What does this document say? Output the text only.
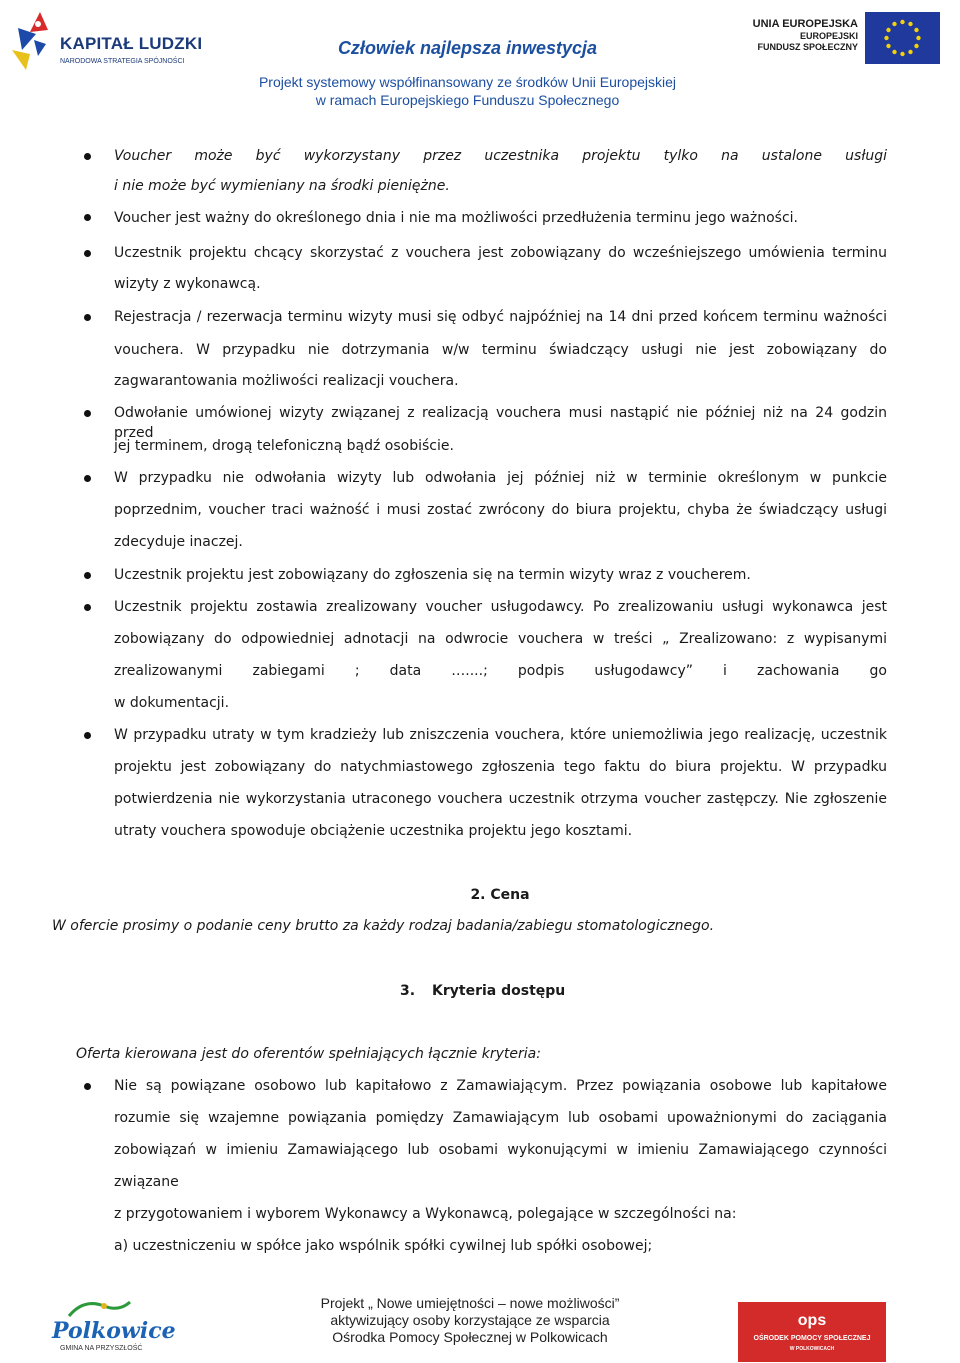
KAPITAŁ LUDZKI
NARODOWA STRATEGIA SPÓJNOŚCI
Człowiek najlepsza inwestycja
Projekt systemowy współfinansowany ze środków Unii Europejskiej
w ramach Europejskiego Funduszu Społecznego
UNIA EUROPEJSKA
EUROPEJSKI
FUNDUSZ SPOŁECZNY
Voucher może być wykorzystany przez uczestnika projektu tylko na ustalone usługi
i nie może być wymieniany na środki pieniężne.
Voucher jest ważny do określonego dnia i nie ma możliwości przedłużenia terminu jego ważności.
Uczestnik projektu chcący skorzystać z vouchera jest zobowiązany do wcześniejszego umówienia terminu
wizyty z wykonawcą.
Rejestracja / rezerwacja terminu wizyty musi się odbyć najpóźniej na 14 dni przed końcem terminu ważności
vouchera. W przypadku nie dotrzymania w/w terminu świadczący usługi nie jest zobowiązany do
zagwarantowania możliwości realizacji vouchera.
Odwołanie umówionej wizyty związanej z realizacją vouchera musi nastąpić nie później niż na 24 godzin przed
jej terminem, drogą telefoniczną bądź osobiście.
W przypadku nie odwołania wizyty lub odwołania jej później niż w terminie określonym w punkcie
poprzednim, voucher traci ważność i musi zostać zwrócony do biura projektu, chyba że świadczący usługi
zdecyduje inaczej.
Uczestnik projektu jest zobowiązany do zgłoszenia się na termin wizyty wraz z voucherem.
Uczestnik projektu zostawia zrealizowany voucher usługodawcy. Po zrealizowaniu usługi wykonawca jest
zobowiązany do odpowiedniej adnotacji na odwrocie vouchera w treści „ Zrealizowano: z wypisanymi
zrealizowanymi zabiegami ; data …....; podpis usługodawcy” i zachowania go
w dokumentacji.
W przypadku utraty w tym kradzieży lub zniszczenia vouchera, które uniemożliwia jego realizację, uczestnik
projektu jest zobowiązany do natychmiastowego zgłoszenia tego faktu do biura projektu. W przypadku
potwierdzenia nie wykorzystania utraconego vouchera uczestnik otrzyma voucher zastępczy. Nie zgłoszenie
utraty vouchera spowoduje obciążenie uczestnika projektu jego kosztami.
2. Cena
W ofercie prosimy o podanie ceny brutto za każdy rodzaj badania/zabiegu stomatologicznego.
3. Kryteria dostępu
Oferta kierowana jest do oferentów spełniających łącznie kryteria:
Nie są powiązane osobowo lub kapitałowo z Zamawiającym. Przez powiązania osobowe lub kapitałowe
rozumie się wzajemne powiązania pomiędzy Zamawiającym lub osobami upoważnionymi do zaciągania
zobowiązań w imieniu Zamawiającego lub osobami wykonującymi w imieniu Zamawiającego czynności
związane
z przygotowaniem i wyborem Wykonawcy a Wykonawcą, polegające w szczególności na:
a) uczestniczeniu w spółce jako wspólnik spółki cywilnej lub spółki osobowej;
Polkowice
GMINA NA PRZYSZŁOŚĆ
Projekt „ Nowe umiejętności – nowe możliwości”
aktywizujący osoby korzystające ze wsparcia
Ośrodka Pomocy Społecznej w Polkowicach
ops
OŚRODEK POMOCY SPOŁECZNEJ
W POLKOWICACH
